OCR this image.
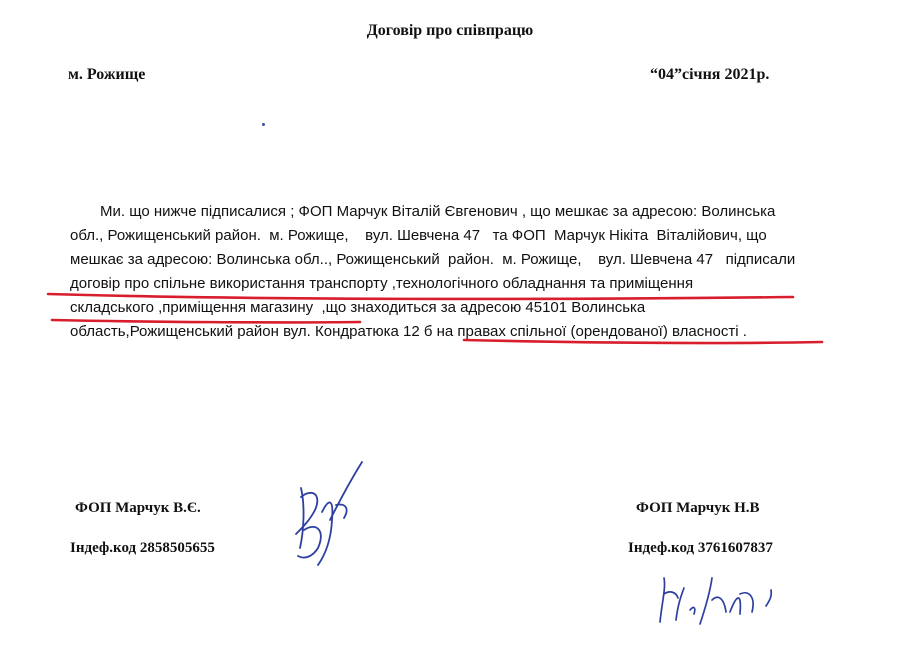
Договір про співпрацю
м. Рожище	“04”січня 2021р.
Ми. що нижче підписалися ; ФОП Марчук Віталій Євгенович , що мешкає за адресою: Волинська
обл., Рожищенський район.  м. Рожище,    вул. Шевчена 47   та ФОП  Марчук Нікіта  Віталійович, що
мешкає за адресою: Волинська обл.., Рожищенський  район.  м. Рожище,    вул. Шевчена 47   підписали
договір про спільне використання транспорту ,технологічного обладнання та приміщення
складського ,приміщення магазину  ,що знаходиться за адресою 45101 Волинська
область,Рожищенський район вул. Кондратюка 12 б на правах спільної (орендованої) власності .
ФОП Марчук В.Є.
Індеф.код 2858505655
ФОП Марчук Н.В
Індеф.код 3761607837
